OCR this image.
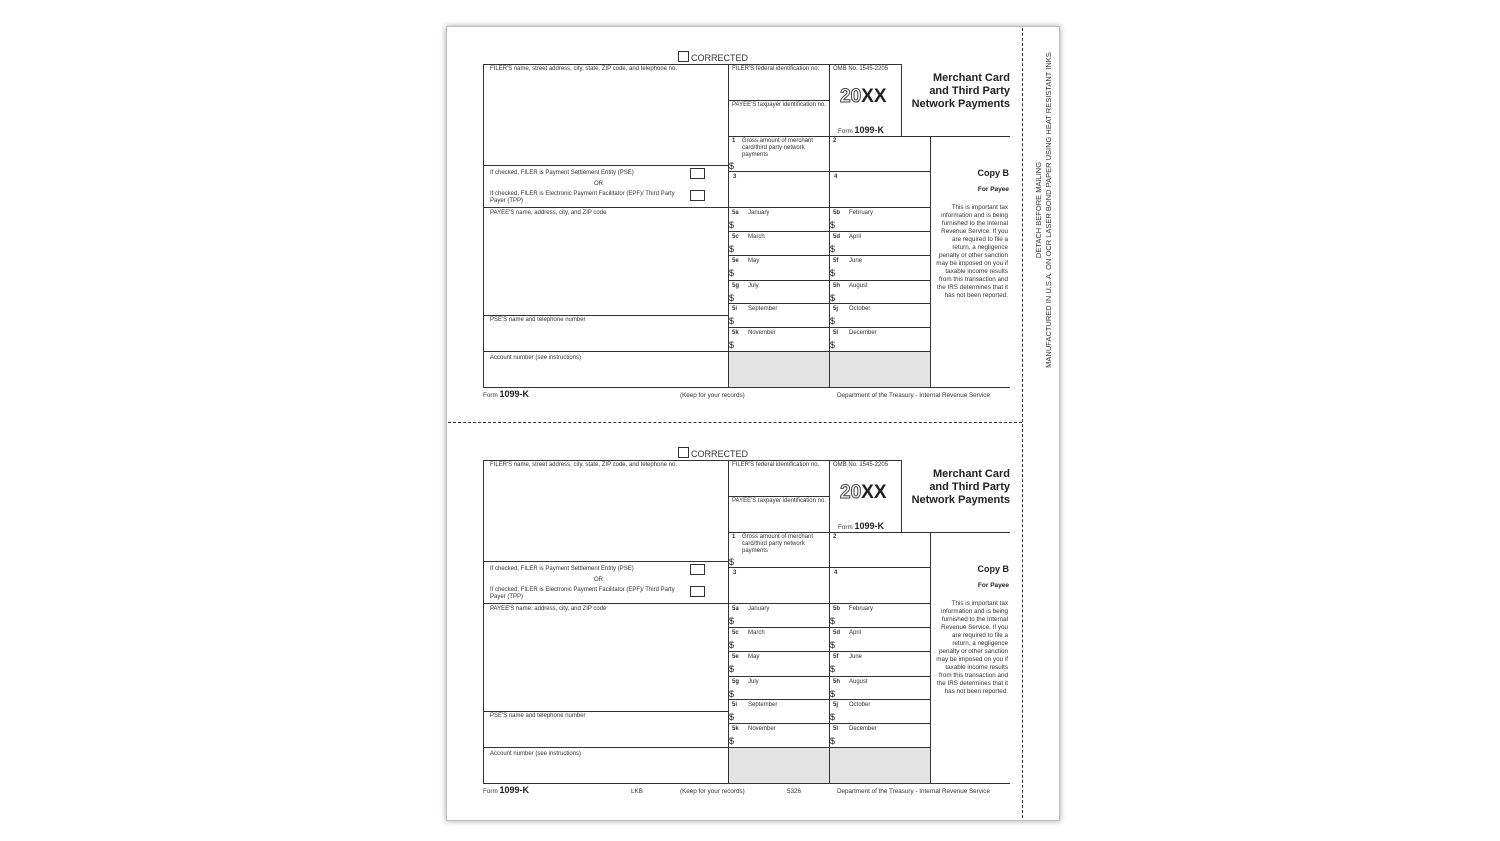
DETACH BEFORE MAILING MANUFACTURED IN U.S.A. ON OCR LASER BOND PAPER USING HEAT RESISTANT INKS
CORRECTED
FILER'S name, street address, city, state, ZIP code, and telephone no.
If checked, FILER is Payment Settlement Entity (PSE)
OR
If checked, FILER is Electronic Payment Facilitator (EPF)/ Third Party Payer (TPP)
PAYEE'S name, address, city, and ZIP code
PSE'S name and telephone number
Account number (see instructions)
FILER'S federal identification no.
PAYEE'S taxpayer identification no.
OMB No. 1545-2205
20XX
Form 1099-K
Merchant Card
and Third Party
Network Payments
1 Gross amount of merchant card/third party network payments
$
2
3	4
5a January
$
5b February
$
5c March
$
5d April
$
5e May
$
5f June
$
5g July
$
5h August
$
5i September
$
5j October
$
5k November
$
5l December
$
Copy B
For Payee
This is important tax information and is being furnished to the Internal Revenue Service. If you are required to file a return, a negligence penalty or other sanction may be imposed on you if taxable income results from this transaction and the IRS determines that it has not been reported.
Form 1099-K	(Keep for your records)	Department of the Treasury - Internal Revenue Service
CORRECTED
FILER'S name, street address, city, state, ZIP code, and telephone no.
If checked, FILER is Payment Settlement Entity (PSE)
OR
If checked, FILER is Electronic Payment Facilitator (EPF)/ Third Party Payer (TPP)
PAYEE'S name, address, city, and ZIP code
PSE'S name and telephone number
Account number (see instructions)
FILER'S federal identification no.
PAYEE'S taxpayer identification no.
OMB No. 1545-2205
20XX
Form 1099-K
Merchant Card
and Third Party
Network Payments
1 Gross amount of merchant card/third party network payments
$
2
3	4
5a January
$
5b February
$
5c March
$
5d April
$
5e May
$
5f June
$
5g July
$
5h August
$
5i September
$
5j October
$
5k November
$
5l December
$
Copy B
For Payee
This is important tax information and is being furnished to the Internal Revenue Service. If you are required to file a return, a negligence penalty or other sanction may be imposed on you if taxable income results from this transaction and the IRS determines that it has not been reported.
Form 1099-K	LKB	(Keep for your records)	5326	Department of the Treasury - Internal Revenue Service
